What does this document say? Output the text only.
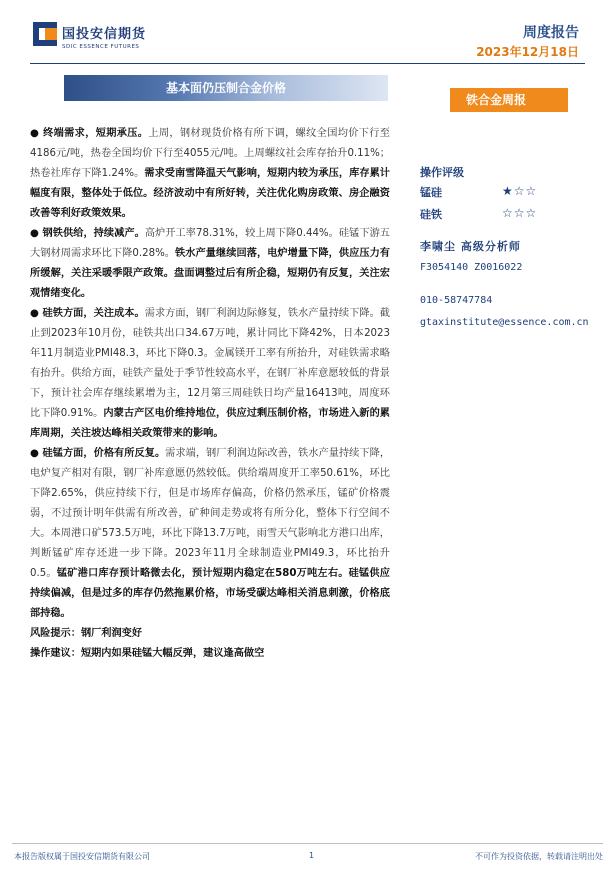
国投安信期货
SDIC ESSENCE FUTURES
周度报告
2023年12月18日
基本面仍压制合金价格
铁合金周报

● 终端需求，短期承压。上周，钢材现货价格有所下调，螺纹全国均价下行至4186元/吨，热卷全国均价下行至4055元/吨。上周螺纹社会库存抬升0.11%；热卷社库存下降1.24%。需求受南雪降温天气影响，短期内较为承压，库存累计幅度有限，整体处于低位。经济波动中有所好转，关注优化购房政策、房企融资改善等利好政策效果。

● 钢铁供给，持续减产。高炉开工率78.31%，较上周下降0.44%。硅锰下游五大钢材周需求环比下降0.28%。铁水产量继续回落，电炉增量下降，供应压力有所缓解，关注采暖季限产政策。盘面调整过后有所企稳，短期仍有反复，关注宏观情绪变化。

● 硅铁方面，关注成本。需求方面，钢厂利润边际修复，铁水产量持续下降。截止到2023年10月份，硅铁共出口34.67万吨，累计同比下降42%，日本2023年11月制造业PMI48.3，环比下降0.3。金属镁开工率有所抬升，对硅铁需求略有抬升。供给方面，硅铁产量处于季节性较高水平，在钢厂补库意愿较低的背景下，预计社会库存继续累增为主，12月第三周硅铁日均产量16413吨，周度环比下降0.91%。内蒙古产区电价维持地位，供应过剩压制价格，市场进入新的累库周期，关注坡达峰相关政策带来的影响。

● 硅锰方面，价格有所反复。需求端，钢厂利润边际改善，铁水产量持续下降，电炉复产相对有限，钢厂补库意愿仍然较低。供给端周度开工率50.61%，环比下降2.65%，供应持续下行，但是市场库存偏高，价格仍然承压，锰矿价格震弱，不过预计明年供需有所改善，矿种间走势或将有所分化，整体下行空间不大。本周港口矿573.5万吨，环比下降13.7万吨，雨雪天气影响北方港口出库，判断锰矿库存还进一步下降。2023年11月全球制造业PMI49.3，环比抬升0.5。锰矿港口库存预计略微去化，预计短期内稳定在580万吨左右。硅锰供应持续偏减，但是过多的库存仍然拖累价格，市场受碳达峰相关消息刺激，价格底部持稳。

风险提示：钢厂利润变好

操作建议：短期内如果硅锰大幅反弹，建议逢高做空

操作评级
锰硅	★☆☆
硅铁	☆☆☆
李啸尘 高级分析师
F3054140 Z0016022
010-58747784
gtaxinstitute@essence.com.cn
本报告版权属于国投安信期货有限公司	1	不可作为投资依据，转载请注明出处
